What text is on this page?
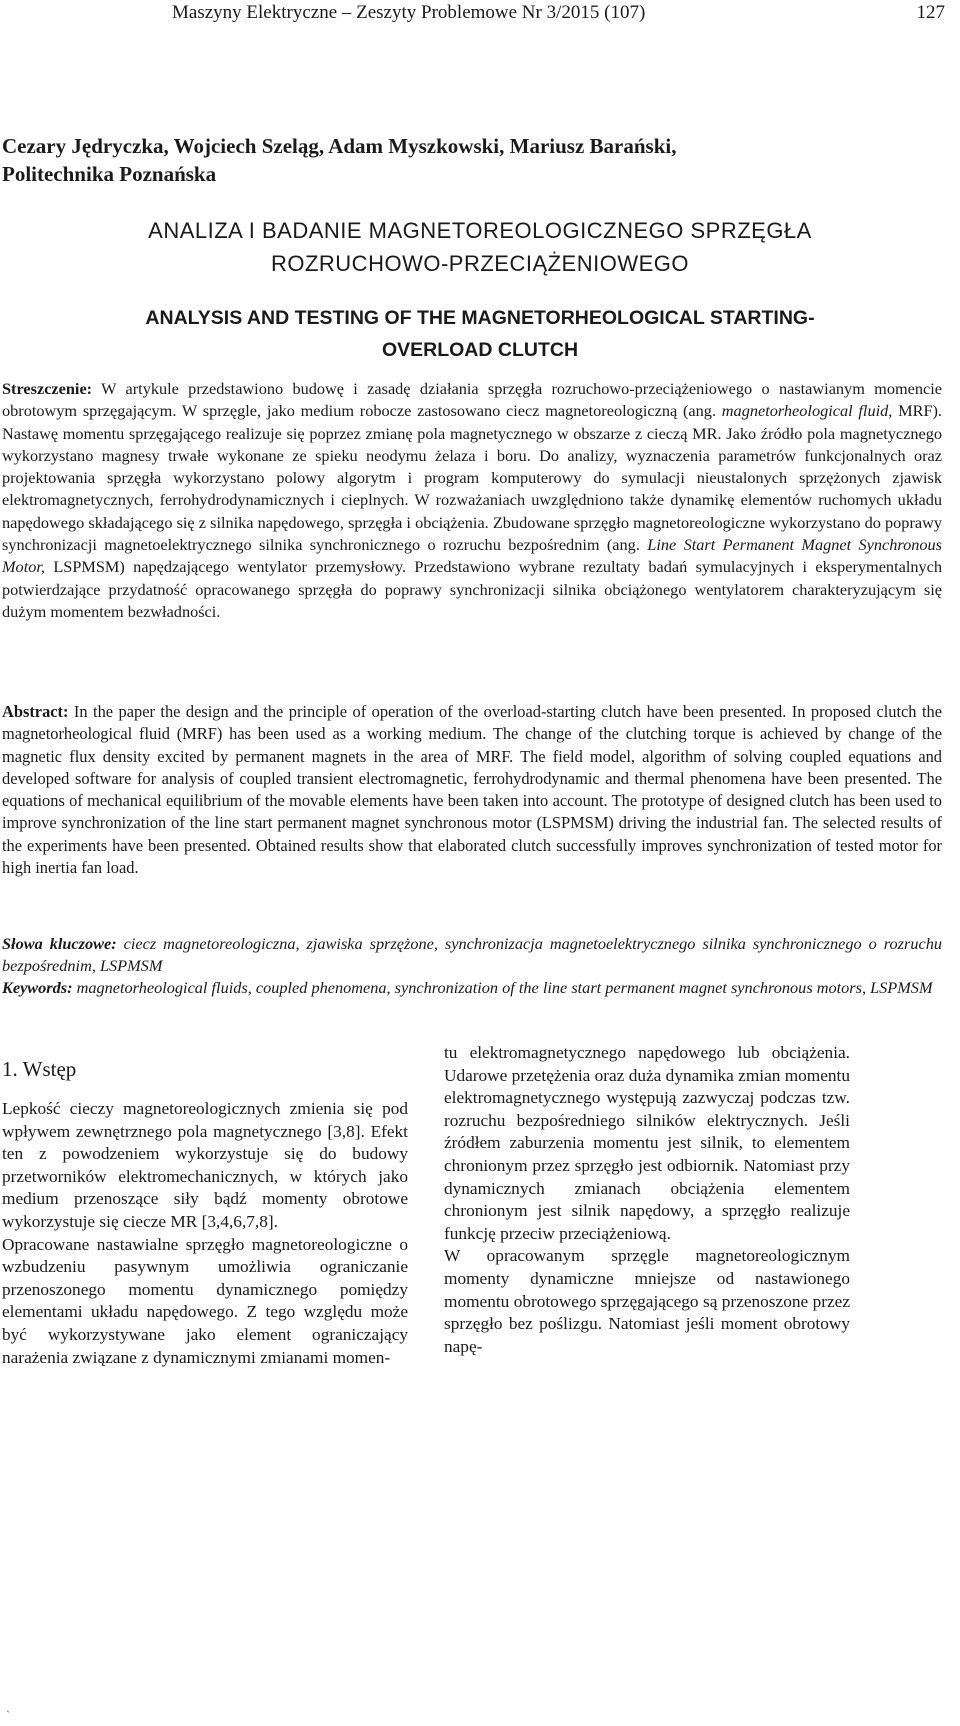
Maszyny Elektryczne – Zeszyty Problemowe Nr 3/2015 (107)	127
Cezary Jędryczka, Wojciech Szeląg, Adam Myszkowski, Mariusz Barański,
Politechnika Poznańska
ANALIZA I BADANIE MAGNETOREOLOGICZNEGO SPRZĘGŁA
ROZRUCHOWO-PRZECIĄŻENIOWEGO
ANALYSIS AND TESTING OF THE MAGNETORHEOLOGICAL STARTING-
OVERLOAD CLUTCH

Streszczenie: W artykule przedstawiono budowę i zasadę działania sprzęgła rozruchowo-przeciążeniowego o nastawianym momencie obrotowym sprzęgającym. W sprzęgle, jako medium robocze zastosowano ciecz magnetoreologiczną (ang. magnetorheological fluid, MRF). Nastawę momentu sprzęgającego realizuje się poprzez zmianę pola magnetycznego w obszarze z cieczą MR. Jako źródło pola magnetycznego wykorzystano magnesy trwałe wykonane ze spieku neodymu żelaza i boru. Do analizy, wyznaczenia parametrów funkcjonalnych oraz projektowania sprzęgła wykorzystano polowy algorytm i program komputerowy do symulacji nieustalonych sprzężonych zjawisk elektromagnetycznych, ferrohydrodynamicznych i cieplnych. W rozważaniach uwzględniono także dynamikę elementów ruchomych układu napędowego składającego się z silnika napędowego, sprzęgła i obciążenia. Zbudowane sprzęgło magnetoreologiczne wykorzystano do poprawy synchronizacji magnetoelektrycznego silnika synchronicznego o rozruchu bezpośrednim (ang. Line Start Permanent Magnet Synchronous Motor, LSPMSM) napędzającego wentylator przemysłowy. Przedstawiono wybrane rezultaty badań symulacyjnych i eksperymentalnych potwierdzające przydatność opracowanego sprzęgła do poprawy synchronizacji silnika obciążonego wentylatorem charakteryzującym się dużym momentem bezwładności.

Abstract: In the paper the design and the principle of operation of the overload-starting clutch have been presented. In proposed clutch the magnetorheological fluid (MRF) has been used as a working medium. The change of the clutching torque is achieved by change of the magnetic flux density excited by permanent magnets in the area of MRF. The field model, algorithm of solving coupled equations and developed software for analysis of coupled transient electromagnetic, ferrohydrodynamic and thermal phenomena have been presented. The equations of mechanical equilibrium of the movable elements have been taken into account. The prototype of designed clutch has been used to improve synchronization of the line start permanent magnet synchronous motor (LSPMSM) driving the industrial fan. The selected results of the experiments have been presented. Obtained results show that elaborated clutch successfully improves synchronization of tested motor for high inertia fan load.

Słowa kluczowe: ciecz magnetoreologiczna, zjawiska sprzężone, synchronizacja magnetoelektrycznego silnika synchronicznego o rozruchu bezpośrednim, LSPMSM

Keywords: magnetorheological fluids, coupled phenomena, synchronization of the line start permanent magnet synchronous motors, LSPMSM

1. Wstęp

Lepkość cieczy magnetoreologicznych zmienia się pod wpływem zewnętrznego pola magnetycznego [3,8]. Efekt ten z powodzeniem wykorzystuje się do budowy przetworników elektromechanicznych, w których jako medium przenoszące siły bądź momenty obrotowe wykorzystuje się ciecze MR [3,4,6,7,8].

Opracowane nastawialne sprzęgło magnetoreologiczne o wzbudzeniu pasywnym umożliwia ograniczanie przenoszonego momentu dynamicznego pomiędzy elementami układu napędowego. Z tego względu może być wykorzystywane jako element ograniczający narażenia związane z dynamicznymi zmianami momen-

tu elektromagnetycznego napędowego lub obciążenia. Udarowe przetężenia oraz duża dynamika zmian momentu elektromagnetycznego występują zazwyczaj podczas tzw. rozruchu bezpośredniego silników elektrycznych. Jeśli źródłem zaburzenia momentu jest silnik, to elementem chronionym przez sprzęgło jest odbiornik. Natomiast przy dynamicznych zmianach obciążenia elementem chronionym jest silnik napędowy, a sprzęgło realizuje funkcję przeciw przeciążeniową.

W opracowanym sprzęgle magnetoreologicznym momenty dynamiczne mniejsze od nastawionego momentu obrotowego sprzęgającego są przenoszone przez sprzęgło bez poślizgu. Natomiast jeśli moment obrotowy napę-

`
